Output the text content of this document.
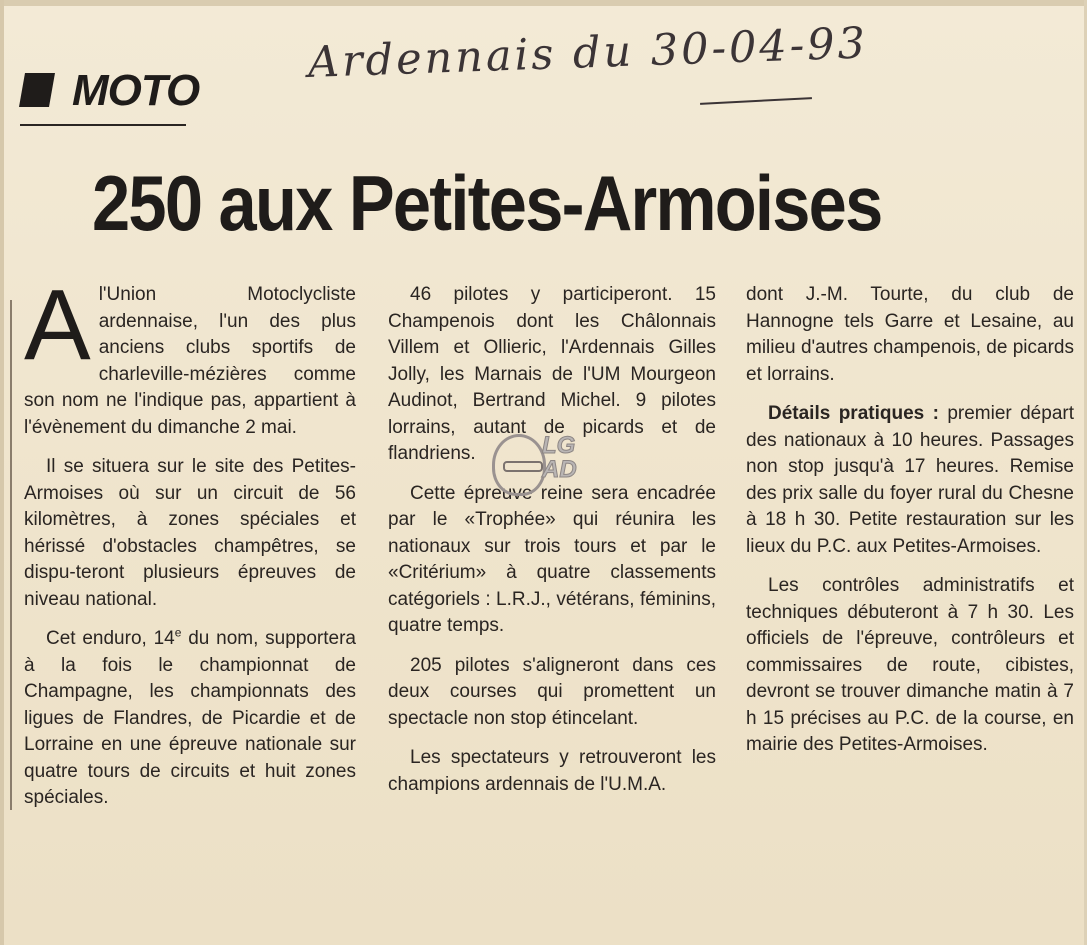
MOTO
Ardennais du 30-04-93
250 aux Petites-Armoises

Al'Union Motoclycliste ardennaise, l'un des plus anciens clubs sportifs de charleville-mézières comme son nom ne l'indique pas, appartient à l'évènement du dimanche 2 mai.

Il se situera sur le site des Petites-Armoises où sur un circuit de 56 kilomètres, à zones spéciales et hérissé d'obstacles champêtres, se dispu-teront plusieurs épreuves de niveau national.

Cet enduro, 14e du nom, supportera à la fois le championnat de Champagne, les championnats des ligues de Flandres, de Picardie et de Lorraine en une épreuve nationale sur quatre tours de circuits et huit zones spéciales.

46 pilotes y participeront. 15 Champenois dont les Châlonnais Villem et Ollieric, l'Ardennais Gilles Jolly, les Marnais de l'UM Mourgeon Audinot, Bertrand Michel. 9 pilotes lorrains, autant de picards et de flandriens.

Cette épreuve reine sera encadrée par le «Trophée» qui réunira les nationaux sur trois tours et par le «Critérium» à quatre classements catégoriels : L.R.J., vétérans, féminins, quatre temps.

205 pilotes s'aligneront dans ces deux courses qui promettent un spectacle non stop étincelant.

Les spectateurs y retrouveront les champions ardennais de l'U.M.A.

dont J.-M. Tourte, du club de Hannogne tels Garre et Lesaine, au milieu d'autres champenois, de picards et lorrains.

Détails pratiques : premier départ des nationaux à 10 heures. Passages non stop jusqu'à 17 heures. Remise des prix salle du foyer rural du Chesne à 18 h 30. Petite restauration sur les lieux du P.C. aux Petites-Armoises.

Les contrôles administratifs et techniques débuteront à 7 h 30. Les officiels de l'épreuve, contrôleurs et commissaires de route, cibistes, devront se trouver dimanche matin à 7 h 15 précises au P.C. de la course, en mairie des Petites-Armoises.

LG AD
